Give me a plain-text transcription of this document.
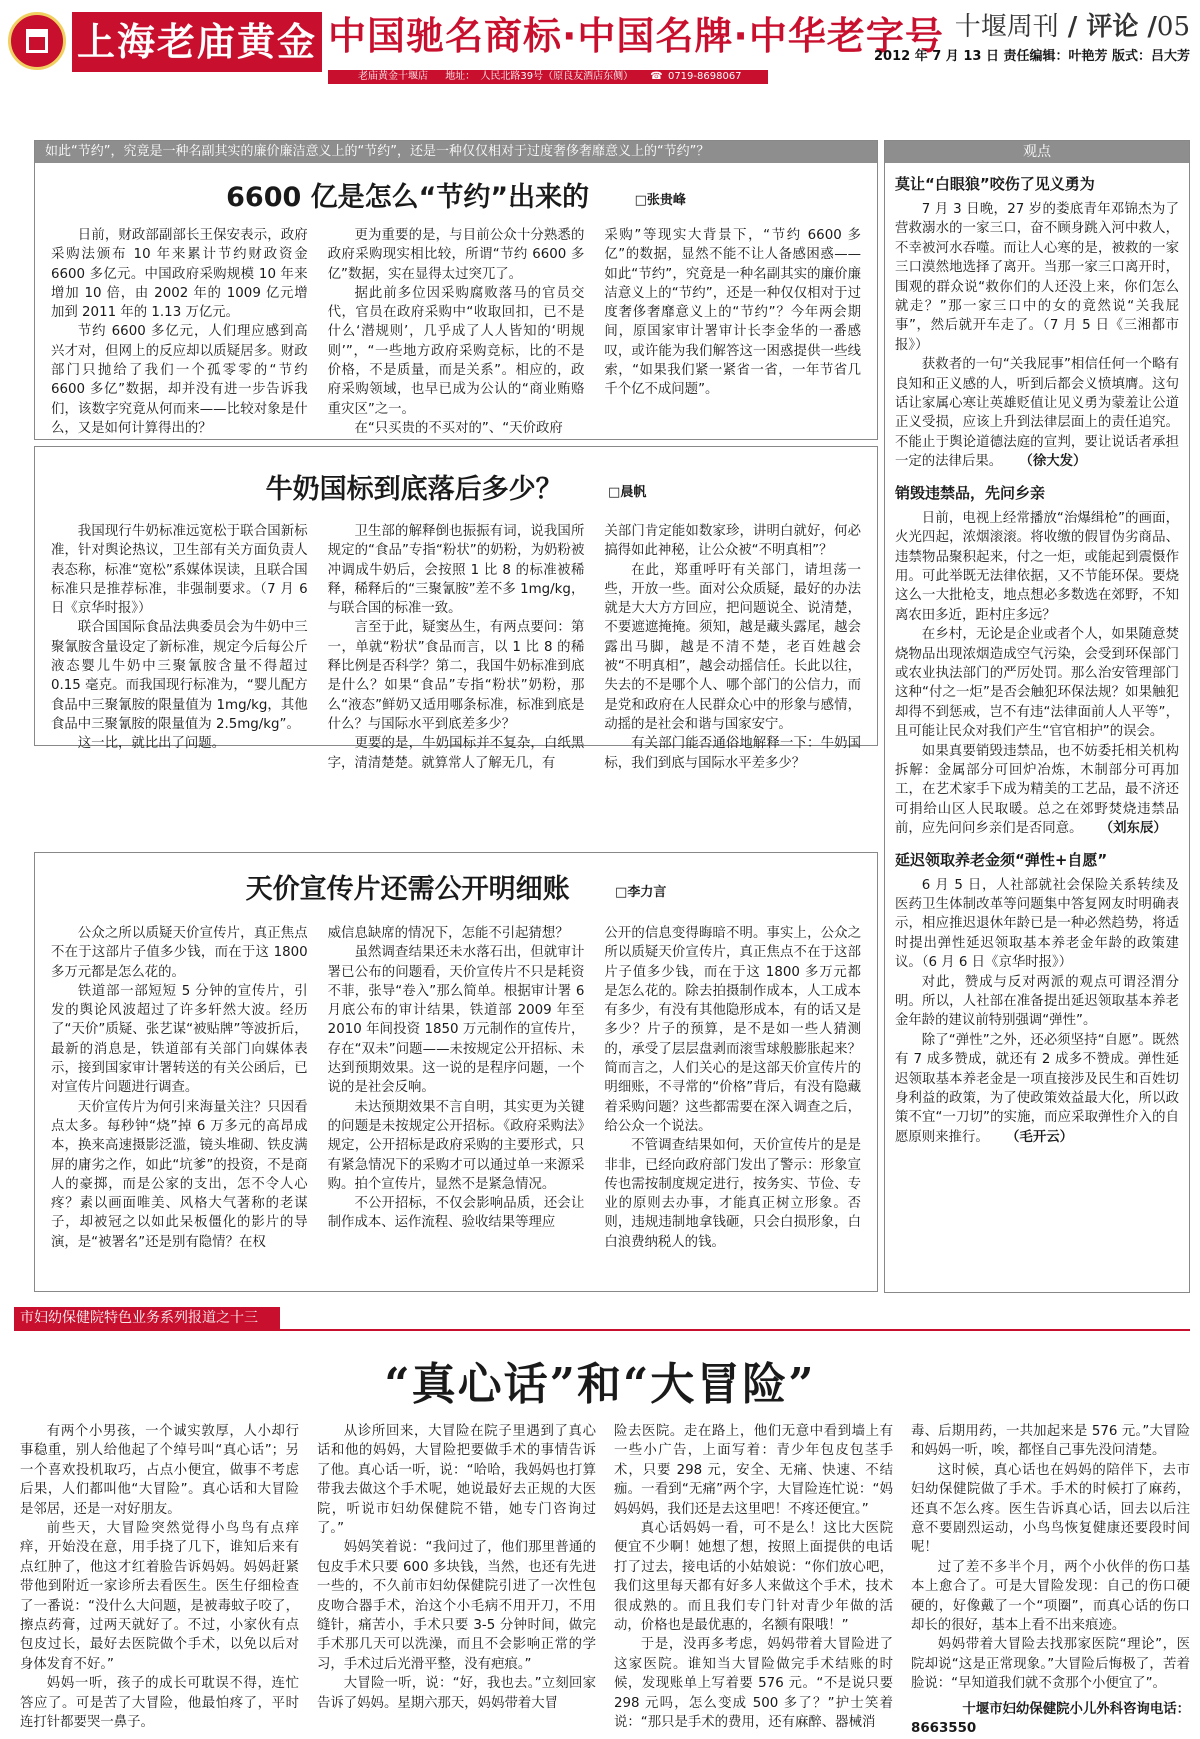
上海老庙黄金 中国驰名商标·中国名牌·中华老字号
老庙黄金十堰店 地址： 人民北路39号（原良友酒店东侧） ☎ 0719-8698067
十堰周刊 / 评论 /05
2012 年 7 月 13 日 责任编辑：叶艳芳 版式：吕大芳
如此“节约”，究竟是一种名副其实的廉价廉洁意义上的“节约”，还是一种仅仅相对于过度奢侈奢靡意义上的“节约”？
6600 亿是怎么“节约”出来的	□张贵峰

日前，财政部副部长王保安表示，政府采购法颁布 10 年来累计节约财政资金 6600 多亿元。中国政府采购规模 10 年来增加 10 倍，由 2002 年的 1009 亿元增加到 2011 年的 1.13 万亿元。

节约 6600 多亿元，人们理应感到高兴才对，但网上的反应却以质疑居多。财政部门只抛给了我们一个孤零零的“节约 6600 多亿”数据，却并没有进一步告诉我们，该数字究竟从何而来——比较对象是什么，又是如何计算得出的？

更为重要的是，与目前公众十分熟悉的政府采购现实相比较，所谓“节约 6600 多亿”数据，实在显得太过突兀了。

据此前多位因采购腐败落马的官员交代，官员在政府采购中“收取回扣，已不是什么‘潜规则’，几乎成了人人皆知的‘明规则’”，“一些地方政府采购竞标，比的不是价格，不是质量，而是关系”。相应的，政府采购领域，也早已成为公认的“商业贿赂重灾区”之一。

在“只买贵的不买对的”、“天价政府

采购”等现实大背景下，“节约 6600 多亿”的数据，显然不能不让人备感困惑——如此“节约”，究竟是一种名副其实的廉价廉洁意义上的“节约”，还是一种仅仅相对于过度奢侈奢靡意义上的“节约”？今年两会期间，原国家审计署审计长李金华的一番感叹，或许能为我们解答这一困惑提供一些线索，“如果我们紧一紧省一省，一年节省几千个亿不成问题”。

牛奶国标到底落后多少？	□晨帆

我国现行牛奶标准远宽松于联合国新标准，针对舆论热议，卫生部有关方面负责人表态称，标准“宽松”系媒体误读，且联合国标准只是推荐标准，非强制要求。（7 月 6 日《京华时报》）

联合国国际食品法典委员会为牛奶中三聚氰胺含量设定了新标准，规定今后每公斤液态婴儿牛奶中三聚氰胺含量不得超过 0.15 毫克。而我国现行标准为，“婴儿配方食品中三聚氰胺的限量值为 1mg/kg，其他食品中三聚氰胺的限量值为 2.5mg/kg”。

这一比，就比出了问题。

卫生部的解释倒也振振有词，说我国所规定的“食品”专指“粉状”的奶粉，为奶粉被冲调成牛奶后，会按照 1 比 8 的标准被稀释，稀释后的“三聚氰胺”差不多 1mg/kg，与联合国的标准一致。

言至于此，疑窦丛生，有两点要问：第一，单就“粉状”食品而言，以 1 比 8 的稀释比例是否科学？第二，我国牛奶标准到底是什么？如果“食品”专指“粉状”奶粉，那么“液态”鲜奶又适用哪条标准，标准到底是什么？与国际水平到底差多少？

更要的是，牛奶国标并不复杂，白纸黑字，清清楚楚。就算常人了解无几，有

关部门肯定能如数家珍，讲明白就好，何必搞得如此神秘，让公众被“不明真相”？

在此，郑重呼吁有关部门，请坦荡一些，开放一些。面对公众质疑，最好的办法就是大大方方回应，把问题说全、说清楚，不要遮遮掩掩。须知，越是藏头露尾，越会露出马脚，越是不清不楚，老百姓越会被“不明真相”，越会动摇信任。长此以往，失去的不是哪个人、哪个部门的公信力，而是党和政府在人民群众心中的形象与感情，动摇的是社会和谐与国家安宁。

有关部门能否通俗地解释一下：牛奶国标，我们到底与国际水平差多少？

天价宣传片还需公开明细账	□李力言

公众之所以质疑天价宣传片，真正焦点不在于这部片子值多少钱，而在于这 1800 多万元都是怎么花的。

铁道部一部短短 5 分钟的宣传片，引发的舆论风波超过了许多轩然大波。经历了“天价”质疑、张艺谋“被贴牌”等波折后，最新的消息是，铁道部有关部门向媒体表示，接到国家审计署转送的有关公函后，已对宣传片问题进行调查。

天价宣传片为何引来海量关注？只因看点太多。每秒钟“烧”掉 6 万多元的高昂成本，换来高速摄影泛滥，镜头堆砌、铁皮满屏的庸劣之作，如此“坑爹”的投资，不是商人的豪掷，而是公家的支出，怎不令人心疼？素以画面唯美、风格大气著称的老谋子，却被冠之以如此呆板僵化的影片的导演，是“被署名”还是别有隐情？在权

威信息缺席的情况下，怎能不引起猜想？

虽然调查结果还未水落石出，但就审计署已公布的问题看，天价宣传片不只是耗资不菲，张导“卷入”那么简单。根据审计署 6 月底公布的审计结果，铁道部 2009 年至 2010 年间投资 1850 万元制作的宣传片，存在“双未”问题——未按规定公开招标、未达到预期效果。这一说的是程序问题，一个说的是社会反响。

未达预期效果不言自明，其实更为关键的问题是未按规定公开招标。《政府采购法》规定，公开招标是政府采购的主要形式，只有紧急情况下的采购才可以通过单一来源采购。拍个宣传片，显然不是紧急情况。

不公开招标，不仅会影响品质，还会让制作成本、运作流程、验收结果等理应

公开的信息变得晦暗不明。事实上，公众之所以质疑天价宣传片，真正焦点不在于这部片子值多少钱，而在于这 1800 多万元都是怎么花的。除去拍摄制作成本，人工成本有多少，有没有其他隐形成本，有的话又是多少？片子的预算，是不是如一些人猜测的，承受了层层盘剥而滚雪球般膨胀起来？简而言之，人们关心的是这部天价宣传片的明细账，不寻常的“价格”背后，有没有隐藏着采购问题？这些都需要在深入调查之后，给公众一个说法。

不管调查结果如何，天价宣传片的是是非非，已经向政府部门发出了警示：形象宣传也需按制度规定进行，按务实、节俭、专业的原则去办事，才能真正树立形象。否则，违规违制地拿钱砸，只会白损形象，白白浪费纳税人的钱。

观点
莫让“白眼狼”咬伤了见义勇为

7 月 3 日晚，27 岁的娄底青年邓锦杰为了营救溺水的一家三口，奋不顾身跳入河中救人，不幸被河水吞噬。而让人心寒的是，被救的一家三口漠然地选择了离开。当那一家三口离开时，围观的群众说“救你们的人还没上来，你们怎么就走？”那一家三口中的女的竟然说“关我屁事”，然后就开车走了。（7 月 5 日《三湘都市报》）

获救者的一句“关我屁事”相信任何一个略有良知和正义感的人，听到后都会义愤填膺。这句话让家属心寒让英雄贬值让见义勇为蒙羞让公道正义受损，应该上升到法律层面上的责任追究。不能止于舆论道德法庭的宣判，要让说话者承担一定的法律后果。 （徐大发）

销毁违禁品，先问乡亲

日前，电视上经常播放“治爆缉枪”的画面，火光四起，浓烟滚滚。将收缴的假冒伪劣商品、违禁物品聚积起来，付之一炬，或能起到震慑作用。可此举既无法律依据，又不节能环保。要烧这么一大批枪支，地点想必多数选在郊野，不知离农田多近，距村庄多远？

在乡村，无论是企业或者个人，如果随意焚烧物品出现浓烟造成空气污染，会受到环保部门或农业执法部门的严厉处罚。那么治安管理部门这种“付之一炬”是否会触犯环保法规？如果触犯却得不到惩戒，岂不有违“法律面前人人平等”，且可能让民众对我们产生“官官相护”的误会。

如果真要销毁违禁品，也不妨委托相关机构拆解：金属部分可回炉冶炼，木制部分可再加工，在艺术家手下成为精美的工艺品，最不济还可捐给山区人民取暖。总之在郊野焚烧违禁品前，应先问问乡亲们是否同意。 （刘东辰）

延迟领取养老金须“弹性+自愿”

6 月 5 日，人社部就社会保险关系转续及医药卫生体制改革等问题集中答复网友时明确表示，相应推迟退休年龄已是一种必然趋势，将适时提出弹性延迟领取基本养老金年龄的政策建议。（6 月 6 日《京华时报》）

对此，赞成与反对两派的观点可谓泾渭分明。所以，人社部在准备提出延迟领取基本养老金年龄的建议前特别强调“弹性”。

除了“弹性”之外，还必须坚持“自愿”。既然有 7 成多赞成，就还有 2 成多不赞成。弹性延迟领取基本养老金是一项直接涉及民生和百姓切身利益的政策，为了使政策效益最大化，所以政策不宜“一刀切”的实施，而应采取弹性介入的自愿原则来推行。 （毛开云）

市妇幼保健院特色业务系列报道之十三
“真心话”和“大冒险”

有两个小男孩，一个诚实敦厚，人小却行事稳重，别人给他起了个绰号叫“真心话”；另一个喜欢投机取巧，占点小便宜，做事不考虑后果，人们都叫他“大冒险”。真心话和大冒险是邻居，还是一对好朋友。

前些天，大冒险突然觉得小鸟鸟有点痒痒，开始没在意，用手挠了几下，谁知后来有点红肿了，他这才红着脸告诉妈妈。妈妈赶紧带他到附近一家诊所去看医生。医生仔细检查了一番说：“没什么大问题，是被毒蚊子咬了，擦点药膏，过两天就好了。不过，小家伙有点包皮过长，最好去医院做个手术，以免以后对身体发育不好。”

妈妈一听，孩子的成长可耽误不得，连忙答应了。可是苦了大冒险，他最怕疼了，平时连打针都要哭一鼻子。

从诊所回来，大冒险在院子里遇到了真心话和他的妈妈，大冒险把要做手术的事情告诉了他。真心话一听，说：“哈哈，我妈妈也打算带我去做这个手术呢，她说最好去正规的大医院，听说市妇幼保健院不错，她专门咨询过了。”

妈妈笑着说：“我问过了，他们那里普通的包皮手术只要 600 多块钱，当然，也还有先进一些的，不久前市妇幼保健院引进了一次性包皮吻合器手术，治这个小毛病不用开刀，不用缝针，痛苦小，手术只要 3-5 分钟时间，做完手术那几天可以洗澡，而且不会影响正常的学习，手术过后光滑平整，没有疤痕。”

大冒险一听，说：“好，我也去。”立刻回家告诉了妈妈。星期六那天，妈妈带着大冒

险去医院。走在路上，他们无意中看到墙上有一些小广告，上面写着：青少年包皮包茎手术，只要 298 元，安全、无痛、快速、不结痂。一看到“无痛”两个字，大冒险连忙说：“妈妈妈妈，我们还是去这里吧！不疼还便宜。”

真心话妈妈一看，可不是么！这比大医院便宜不少啊！她想了想，按照上面提供的电话打了过去，接电话的小姑娘说：“你们放心吧，我们这里每天都有好多人来做这个手术，技术很成熟的。而且我们专门针对青少年做的活动，价格也是最优惠的，名额有限哦！”

于是，没再多考虑，妈妈带着大冒险进了这家医院。谁知当大冒险做完手术结账的时候，发现账单上写着要 576 元。“不是说只要 298 元吗，怎么变成 500 多了？”护士笑着说：“那只是手术的费用，还有麻醉、器械消

毒、后期用药，一共加起来是 576 元。”大冒险和妈妈一听，唉，都怪自己事先没问清楚。

这时候，真心话也在妈妈的陪伴下，去市妇幼保健院做了手术。手术的时候打了麻药，还真不怎么疼。医生告诉真心话，回去以后注意不要剧烈运动，小鸟鸟恢复健康还要段时间呢！

过了差不多半个月，两个小伙伴的伤口基本上愈合了。可是大冒险发现：自己的伤口硬硬的，好像戴了一个“项圈”，而真心话的伤口却长的很好，基本上看不出来痕迹。

妈妈带着大冒险去找那家医院“理论”，医院却说“这是正常现象。”大冒险后悔极了，苦着脸说：“早知道我们就不贪那个小便宜了”。

十堰市妇幼保健院小儿外科咨询电话：

8663550
